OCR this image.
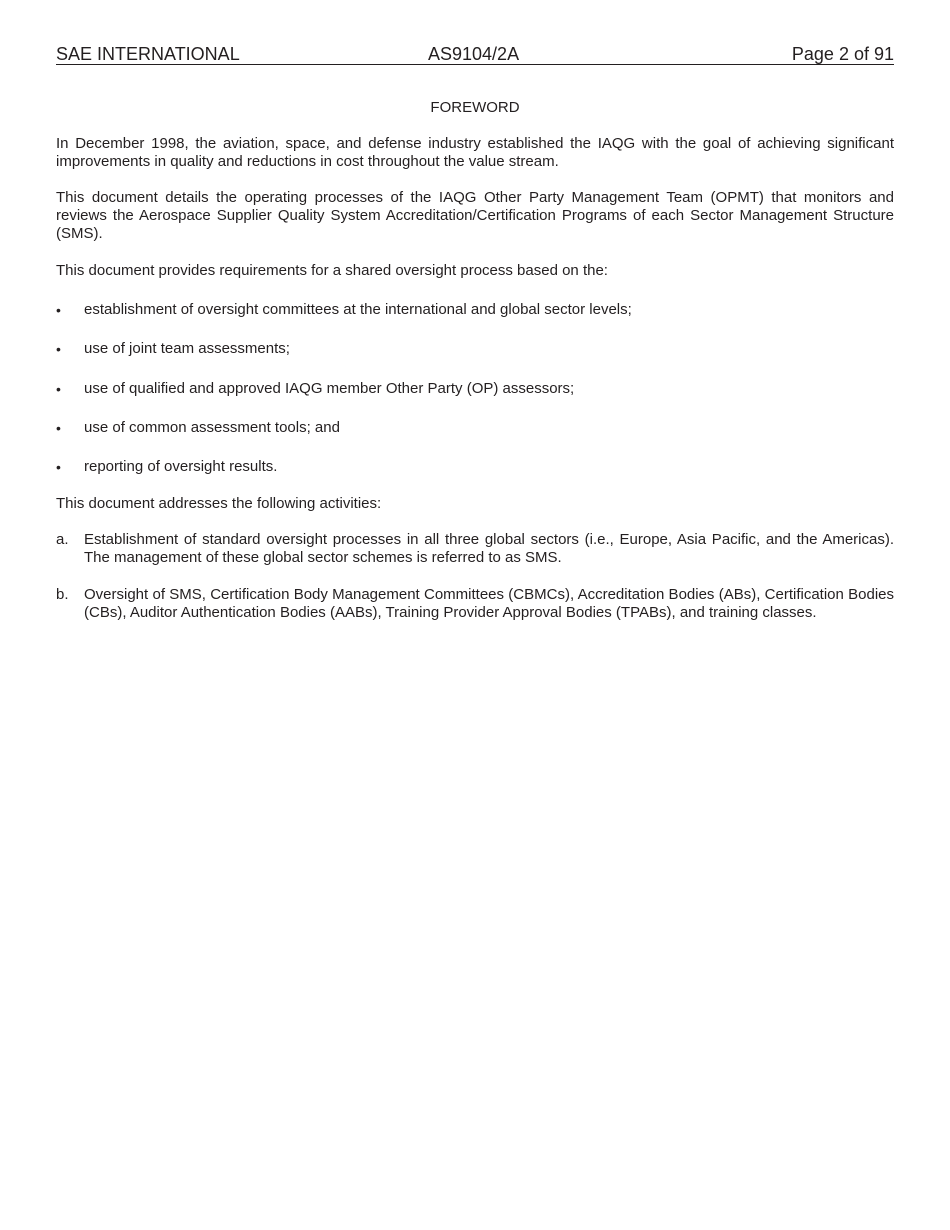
SAE INTERNATIONAL	AS9104/2A	Page 2 of 91
FOREWORD
In December 1998, the aviation, space, and defense industry established the IAQG with the goal of achieving significant improvements in quality and reductions in cost throughout the value stream.
This document details the operating processes of the IAQG Other Party Management Team (OPMT) that monitors and reviews the Aerospace Supplier Quality System Accreditation/Certification Programs of each Sector Management Structure (SMS).
This document provides requirements for a shared oversight process based on the:
•	establishment of oversight committees at the international and global sector levels;
•	use of joint team assessments;
•	use of qualified and approved IAQG member Other Party (OP) assessors;
•	use of common assessment tools; and
•	reporting of oversight results.
This document addresses the following activities:
a. Establishment of standard oversight processes in all three global sectors (i.e., Europe, Asia Pacific, and the Americas). The management of these global sector schemes is referred to as SMS.
b. Oversight of SMS, Certification Body Management Committees (CBMCs), Accreditation Bodies (ABs), Certification Bodies (CBs), Auditor Authentication Bodies (AABs), Training Provider Approval Bodies (TPABs), and training classes.
